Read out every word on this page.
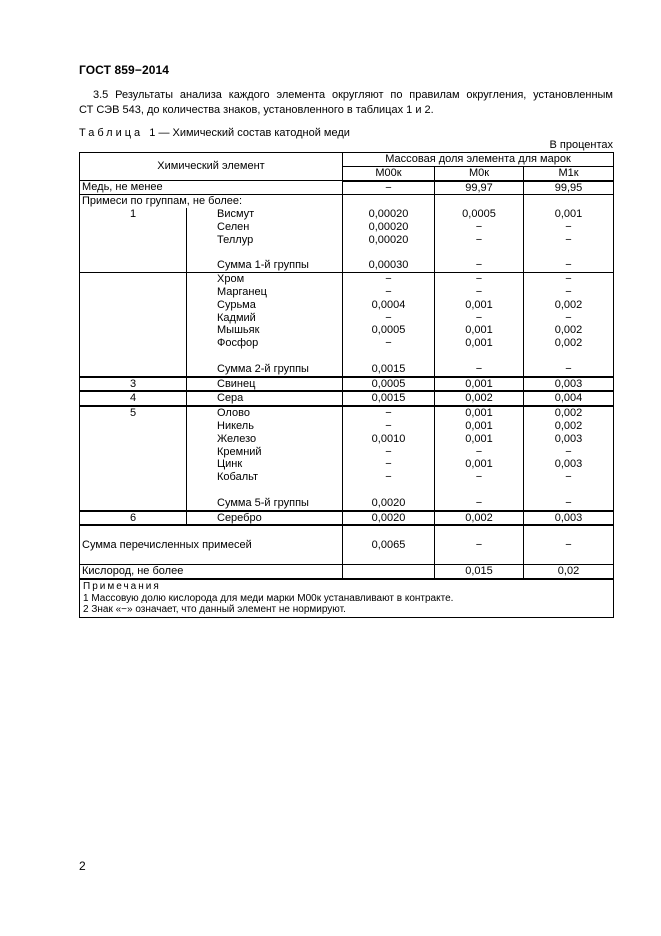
ГОСТ 859−2014

3.5 Результаты анализа каждого элемента округляют по правилам округления, установленным
СТ СЭВ 543, до количества знаков, установленного в таблицах 1 и 2.

Таблица 1 — Химический состав катодной меди
В процентах
Химический элемент		Массовая доля элемента для марок		
		М00к	М0к	М1к
Медь, не менее		−	99,97	99,95
Примеси по группам, не более:				
1	Висмут	0,00020	0,0005	0,001
	Селен	0,00020	−	−
	Теллур	0,00020	−	−

	Сумма 1-й группы	0,00030	−	−
	Хром	−	−	−
	Марганец	−	−	−
	Сурьма	0,0004	0,001	0,002
	Кадмий	−	−	−
	Мышьяк	0,0005	0,001	0,002
	Фосфор	−	0,001	0,002

	Сумма 2-й группы	0,0015	−	−
3	Свинец	0,0005	0,001	0,003
4	Сера	0,0015	0,002	0,004
5	Олово	−	0,001	0,002
	Никель	−	0,001	0,002
	Железо	0,0010	0,001	0,003
	Кремний	−	−	−
	Цинк	−	0,001	0,003
	Кобальт	−	−	−

	Сумма 5-й группы	0,0020	−	−
6	Серебро	0,0020	0,002	0,003
Сумма перечисленных примесей		0,0065	−	−
Кислород, не более			0,015	0,02

Примечания
1 Массовую долю кислорода для меди марки М00к устанавливают в контракте.
2 Знак «−» означает, что данный элемент не нормируют.				
2
